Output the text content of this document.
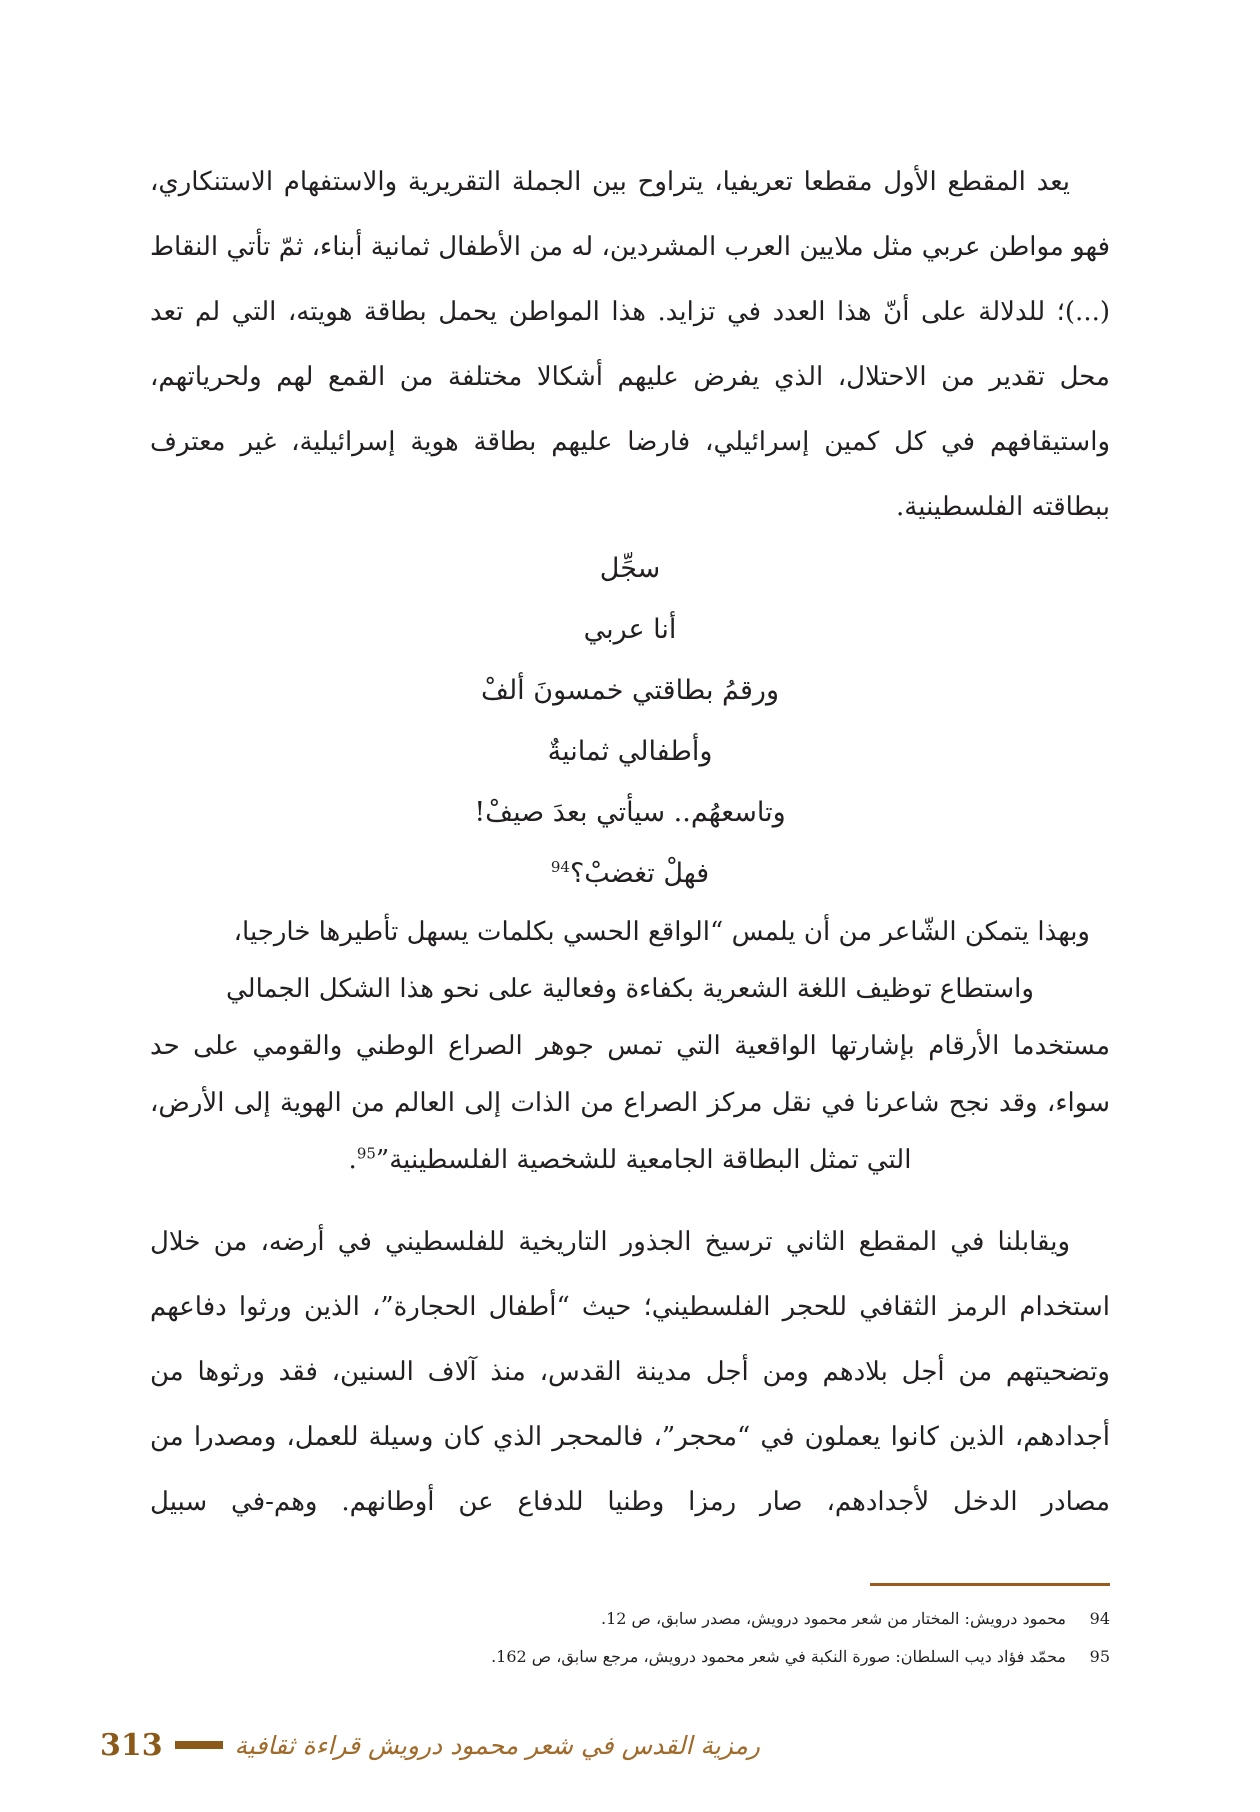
يعد المقطع الأول مقطعا تعريفيا، يتراوح بين الجملة التقريرية والاستفهام الاستنكاري، فهو مواطن عربي مثل ملايين العرب المشردين، له من الأطفال ثمانية أبناء، ثمّ تأتي النقاط (...)؛ للدلالة على أنّ هذا العدد في تزايد. هذا المواطن يحمل بطاقة هويته، التي لم تعد محل تقدير من الاحتلال، الذي يفرض عليهم أشكالا مختلفة من القمع لهم ولحرياتهم، واستيقافهم في كل كمين إسرائيلي، فارضا عليهم بطاقة هوية إسرائيلية، غير معترف ببطاقته الفلسطينية.

سجِّل
أنا عربي
ورقمُ بطاقتي خمسونَ ألفْ
وأطفالي ثمانيةٌ
وتاسعهُم.. سيأتي بعدَ صيفْ!
فهلْ تغضبْ؟$^{94}$
وبهذا يتمكن الشّاعر من أن يلمس “الواقع الحسي بكلمات يسهل تأطيرها خارجيا،
واستطاع توظيف اللغة الشعرية بكفاءة وفعالية على نحو هذا الشكل الجمالي
مستخدما الأرقام بإشارتها الواقعية التي تمس جوهر الصراع الوطني والقومي على حد
سواء، وقد نجح شاعرنا في نقل مركز الصراع من الذات إلى العالم من الهوية إلى الأرض،
التي تمثل البطاقة الجامعية للشخصية الفلسطينية”$^{95}$.

ويقابلنا في المقطع الثاني ترسيخ الجذور التاريخية للفلسطيني في أرضه، من خلال استخدام الرمز الثقافي للحجر الفلسطيني؛ حيث “أطفال الحجارة”، الذين ورثوا دفاعهم وتضحيتهم من أجل بلادهم ومن أجل مدينة القدس، منذ آلاف السنين، فقد ورثوها من أجدادهم، الذين كانوا يعملون في “محجر”، فالمحجر الذي كان وسيلة للعمل، ومصدرا من مصادر الدخل لأجدادهم، صار رمزا وطنيا للدفاع عن أوطانهم. وهم-في سبيل

94
محمود درويش: المختار من شعر محمود درويش، مصدر سابق، ص 12.
95
محمّد فؤاد ديب السلطان: صورة النكبة في شعر محمود درويش، مرجع سابق، ص 162.
313	رمزية القدس في شعر محمود درويش قراءة ثقافية
